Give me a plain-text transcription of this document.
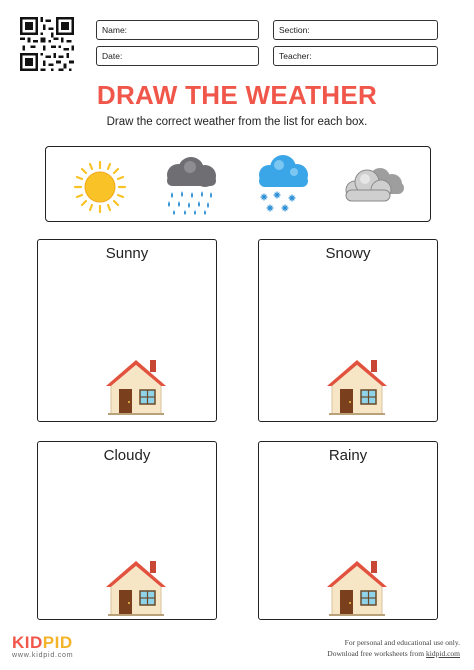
Name:	Section:
Date:	Teacher:
DRAW THE WEATHER
Draw the correct weather from the list for each box.
Sunny	Snowy
Cloudy	Rainy
KIDPID
www.kidpid.com
For personal and educational use only.
Download free worksheets from kidpid.com
